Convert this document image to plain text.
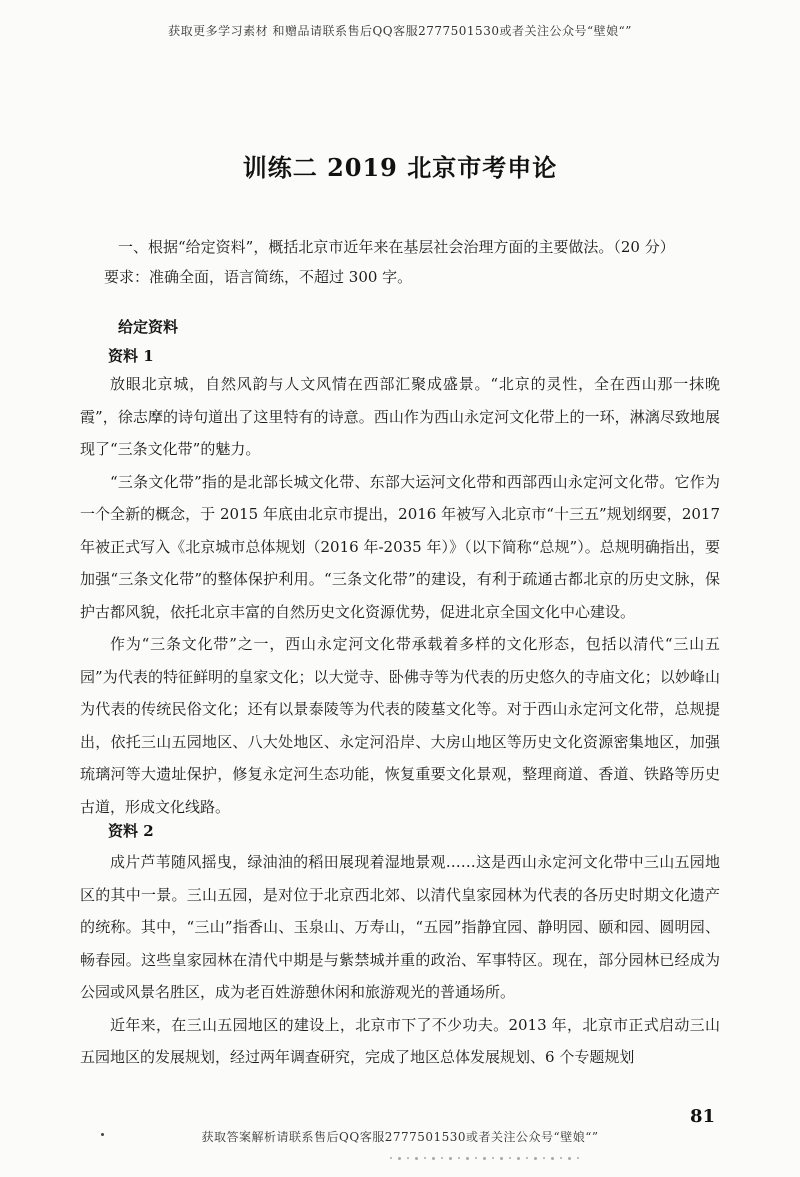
获取更多学习素材 和赠品请联系售后QQ客服2777501530或者关注公众号“壁娘“”
训练二 2019 北京市考申论
一、根据“给定资料”，概括北京市近年来在基层社会治理方面的主要做法。（20 分）
要求：准确全面，语言简练，不超过 300 字。
给定资料
资料 1

放眼北京城，自然风韵与人文风情在西部汇聚成盛景。“北京的灵性，全在西山那一抹晚霞”，徐志摩的诗句道出了这里特有的诗意。西山作为西山永定河文化带上的一环，淋漓尽致地展现了“三条文化带”的魅力。

“三条文化带”指的是北部长城文化带、东部大运河文化带和西部西山永定河文化带。它作为一个全新的概念，于 2015 年底由北京市提出，2016 年被写入北京市“十三五”规划纲要，2017 年被正式写入《北京城市总体规划（2016 年-2035 年）》（以下简称“总规”）。总规明确指出，要加强“三条文化带”的整体保护利用。“三条文化带”的建设，有利于疏通古都北京的历史文脉，保护古都风貌，依托北京丰富的自然历史文化资源优势，促进北京全国文化中心建设。

作为“三条文化带”之一，西山永定河文化带承载着多样的文化形态，包括以清代“三山五园”为代表的特征鲜明的皇家文化；以大觉寺、卧佛寺等为代表的历史悠久的寺庙文化；以妙峰山为代表的传统民俗文化；还有以景泰陵等为代表的陵墓文化等。对于西山永定河文化带，总规提出，依托三山五园地区、八大处地区、永定河沿岸、大房山地区等历史文化资源密集地区，加强琉璃河等大遗址保护，修复永定河生态功能，恢复重要文化景观，整理商道、香道、铁路等历史古道，形成文化线路。

资料 2

成片芦苇随风摇曳，绿油油的稻田展现着湿地景观……这是西山永定河文化带中三山五园地区的其中一景。三山五园，是对位于北京西北郊、以清代皇家园林为代表的各历史时期文化遗产的统称。其中，“三山”指香山、玉泉山、万寿山，“五园”指静宜园、静明园、颐和园、圆明园、畅春园。这些皇家园林在清代中期是与紫禁城并重的政治、军事特区。现在，部分园林已经成为公园或风景名胜区，成为老百姓游憩休闲和旅游观光的普通场所。

近年来，在三山五园地区的建设上，北京市下了不少功夫。2013 年，北京市正式启动三山五园地区的发展规划，经过两年调查研究，完成了地区总体发展规划、6 个专题规划

81
获取答案解析请联系售后QQ客服2777501530或者关注公众号“壁娘“”
